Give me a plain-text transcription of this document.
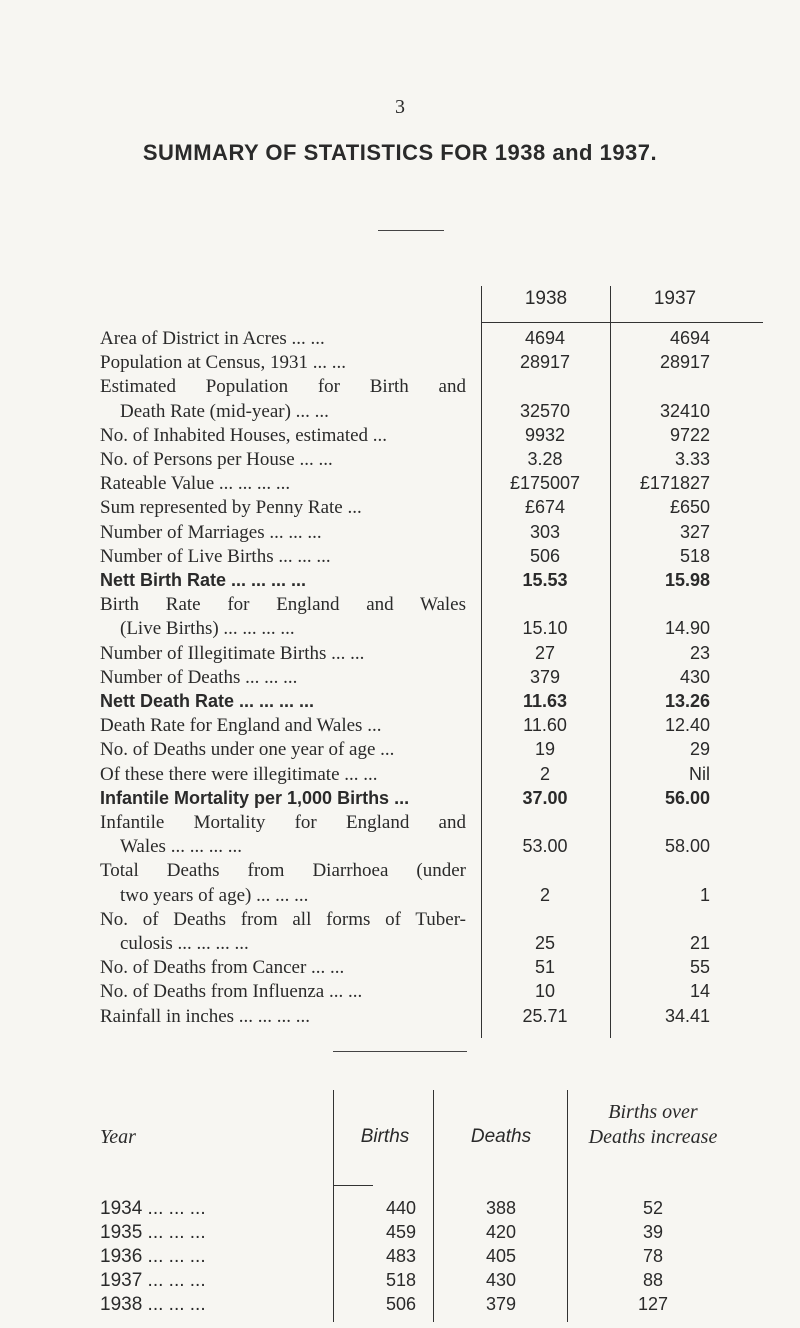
3
SUMMARY OF STATISTICS FOR 1938 and 1937.
1938	1937
Area of District in Acres ... ...	4694	4694
Population at Census, 1931 ... ...	28917	28917
Estimated Population for Birth and
Death Rate (mid-year) ... ...	32570	32410
No. of Inhabited Houses, estimated ...	9932	9722
No. of Persons per House ... ...	3.28	3.33
Rateable Value ... ... ... ...	£175007	£171827
Sum represented by Penny Rate ...	£674	£650
Number of Marriages ... ... ...	303	327
Number of Live Births ... ... ...	506	518
Nett Birth Rate ... ... ... ...	15.53	15.98
Birth Rate for England and Wales
(Live Births) ... ... ... ...	15.10	14.90
Number of Illegitimate Births ... ...	27	23
Number of Deaths ... ... ...	379	430
Nett Death Rate ... ... ... ...	11.63	13.26
Death Rate for England and Wales ...	11.60	12.40
No. of Deaths under one year of age ...	19	29
Of these there were illegitimate ... ...	2	Nil
Infantile Mortality per 1,000 Births ...	37.00	56.00
Infantile Mortality for England and
Wales ... ... ... ...	53.00	58.00
Total Deaths from Diarrhoea (under
two years of age) ... ... ...	2	1
No. of Deaths from all forms of Tuber-
culosis ... ... ... ...	25	21
No. of Deaths from Cancer ... ...	51	55
No. of Deaths from Influenza ... ...	10	14
Rainfall in inches ... ... ... ...	25.71	34.41
Year	Births	Deaths
Births over
Deaths increase
1934 ... ... ...	440	388	52
1935 ... ... ...	459	420	39
1936 ... ... ...	483	405	78
1937 ... ... ...	518	430	88
1938 ... ... ...	506	379	127
